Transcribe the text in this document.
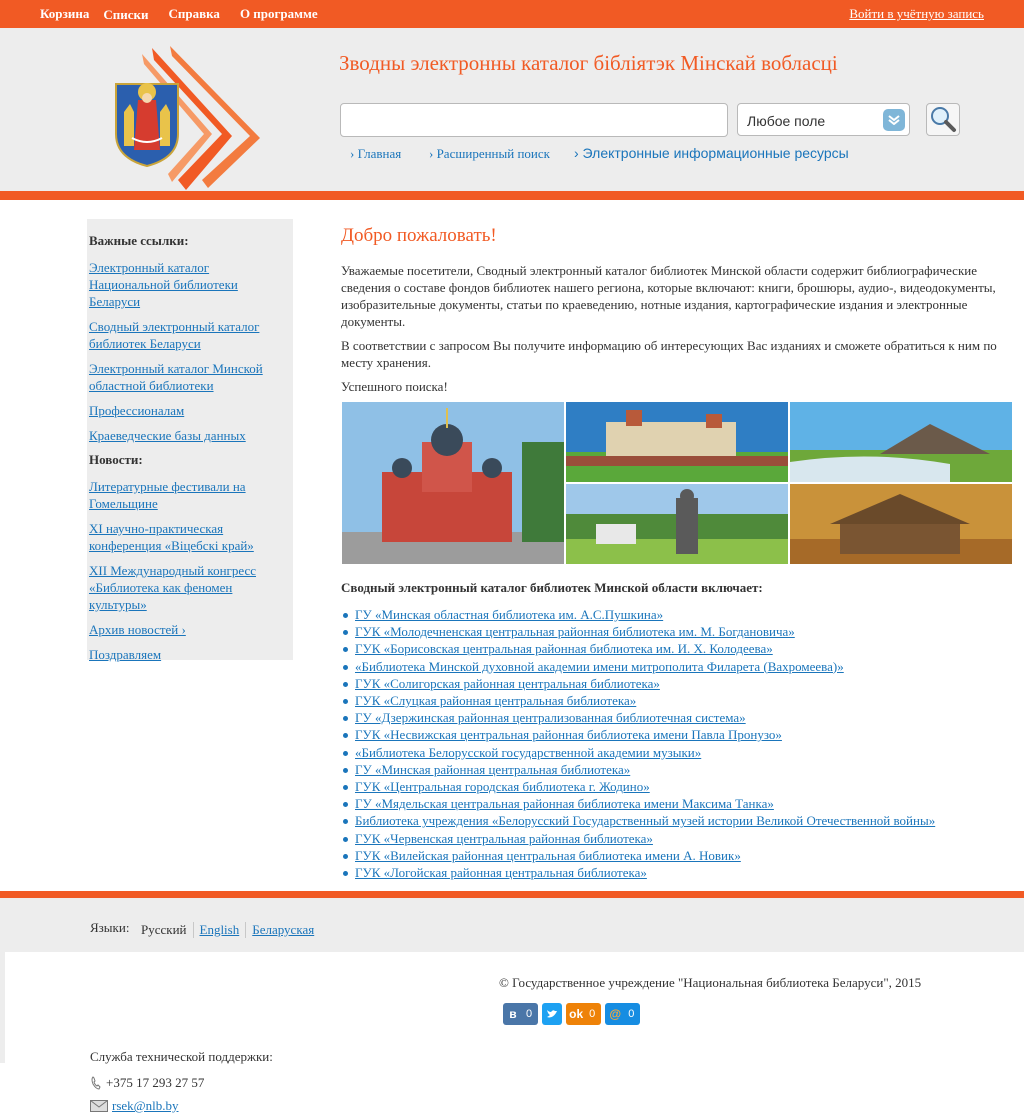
Корзина Списки Справка О программе	Войти в учётную запись
Зводны электронны каталог бібліятэк Мінскай вобласці
Любое поле
› Главная › Расширенный поиск › Электронные информационные ресурсы
Важные ссылки:
Электронный каталог Национальной библиотеки Беларуси
Сводный электронный каталог библиотек Беларуси
Электронный каталог Минской областной библиотеки
Профессионалам
Краеведческие базы данных
Новости:
Литературные фестивали на Гомельщине
XI научно-практическая конференция «Віцебскі край»
XII Международный конгресс «Библиотека как феномен культуры»
Архив новостей ›
Поздравляем
Добро пожаловать!

Уважаемые посетители, Сводный электронный каталог библиотек Минской области содержит библиографические сведения о составе фондов библиотек нашего региона, которые включают: книги, брошюры, аудио-, видеодокументы, изобразительные документы, статьи по краеведению, нотные издания, картографические издания и электронные документы.

В соответствии с запросом Вы получите информацию об интересующих Вас изданиях и сможете обратиться к ним по месту хранения.

Успешного поиска!

Сводный электронный каталог библиотек Минской области включает:
ГУ «Минская областная библиотека им. А.С.Пушкина»
ГУК «Молодечненская центральная районная библиотека им. М. Богдановича»
ГУК «Борисовская центральная районная библиотека им. И. Х. Колодеева»
«Библиотека Минской духовной академии имени митрополита Филарета (Вахромеева)»
ГУК «Солигорская районная центральная библиотека»
ГУК «Слуцкая районная центральная библиотека»
ГУ «Дзержинская районная централизованная библиотечная система»
ГУК «Несвижская центральная районная библиотека имени Павла Пронузо»
«Библиотека Белорусской государственной академии музыки»
ГУ «Минская районная центральная библиотека»
ГУК «Центральная городская библиотека г. Жодино»
ГУ «Мядельская центральная районная библиотека имени Максима Танка»
Библиотека учреждения «Белорусский Государственный музей истории Великой Отечественной войны»
ГУК «Червенская центральная районная библиотека»
ГУК «Вилейская районная центральная библиотека имени А. Новик»
ГУК «Логойская районная центральная библиотека»
Языки: Русский	English	Беларуская
© Государственное учреждение "Национальная библиотека Беларуси", 2015
в 0	ok 0	@ 0
Служба технической поддержки:
+375 17 293 27 57
rsek@nlb.by
